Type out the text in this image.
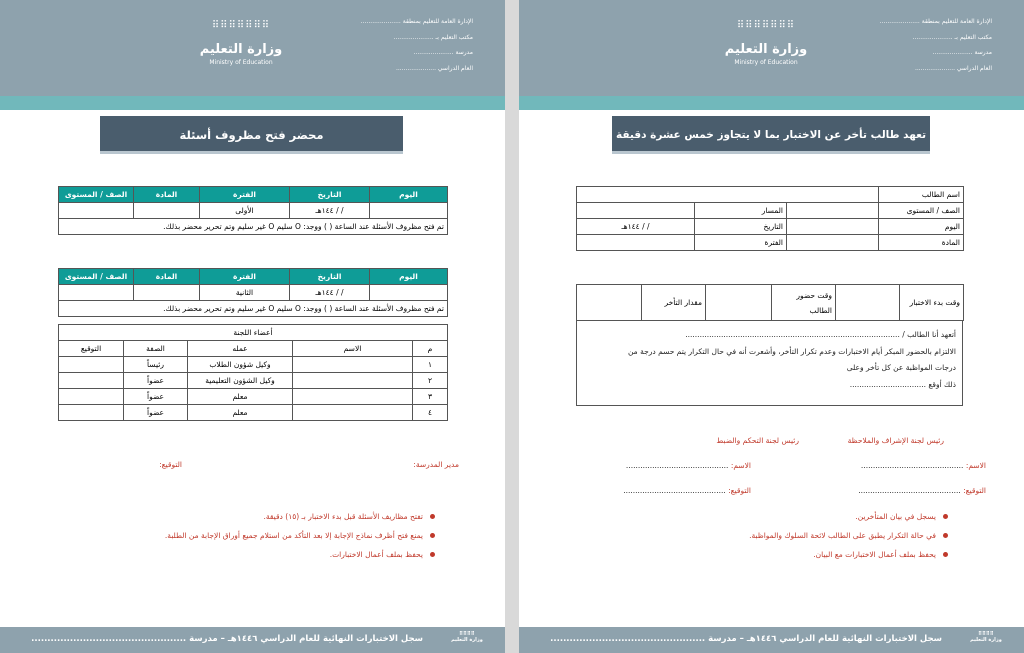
الإدارة العامة للتعليم بمنطقة .....................
مكتب التعليم بـ .....................
مدرسة .....................
العام الدراسي .....................
⠿⠿⠿⠿⠿⠿⠿
وزارة التعليم
Ministry of Education
محضر فتح مظروف أسئلة
اليوم	التاريخ	الفترة	المادة	الصف / المستوى
	/ / ١٤٤هـ	الأولى		
تم فتح مظروف الأسئلة عند الساعة ( ) ووجد: O سليم O غير سليم وتم تحرير محضر بذلك.				
اليوم	التاريخ	الفترة	المادة	الصف / المستوى
	/ / ١٤٤هـ	الثانية		
تم فتح مظروف الأسئلة عند الساعة ( ) ووجد: O سليم O غير سليم وتم تحرير محضر بذلك.				
أعضاء اللجنة				
م	الاسم	عمله	الصفة	التوقيع
١		وكيل شؤون الطلاب	رئيساً	
٢		وكيل الشؤون التعليمية	عضواً	
٣		معلم	عضواً	
٤		معلم	عضواً	
مدير المدرسة:
التوقيع:
تفتح مظاريف الأسئلة قبل بدء الاختبار بـ (١٥) دقيقة.
يمنع فتح أظرف نماذج الإجابة إلا بعد التأكد من استلام جميع أوراق الإجابة من الطلبة.
يحفظ بملف أعمال الاختبارات.
سجل الاختبارات النهائية للعام الدراسي ١٤٤٦هـ – مدرسة ................................................	⠿⠿⠿⠿
وزارة التعليم
الإدارة العامة للتعليم بمنطقة .....................
مكتب التعليم بـ .....................
مدرسة .....................
العام الدراسي .....................
⠿⠿⠿⠿⠿⠿⠿
وزارة التعليم
Ministry of Education
تعهد طالب تأخر عن الاختبار بما لا يتجاوز خمس عشرة دقيقة
اسم الطالب			
الصف / المستوى		المسار	
اليوم		التاريخ	/ / ١٤٤هـ
المادة		الفترة	
وقت بدء الاختبار		وقت حضور الطالب		مقدار التأخر	
أتعهد أنا الطالب / ..........................................................................................
الالتزام بالحضور المبكر أيام الاختبارات وعدم تكرار التأخر، وأشعرت أنه في حال التكرار يتم حسم درجة من
درجات المواظبة عن كل تأخر وعلى
ذلك أوقع ................................
رئيس لجنة الإشراف والملاحظة
رئيس لجنة التحكم والضبط
الاسم: ...........................................
الاسم: ...........................................
التوقيع: ...........................................
التوقيع: ...........................................
يسجل في بيان المتأخرين.
في حالة التكرار يطبق على الطالب لائحة السلوك والمواظبة.
يحفظ بملف أعمال الاختبارات مع البيان.
سجل الاختبارات النهائية للعام الدراسي ١٤٤٦هـ – مدرسة ................................................	⠿⠿⠿⠿
وزارة التعليم
